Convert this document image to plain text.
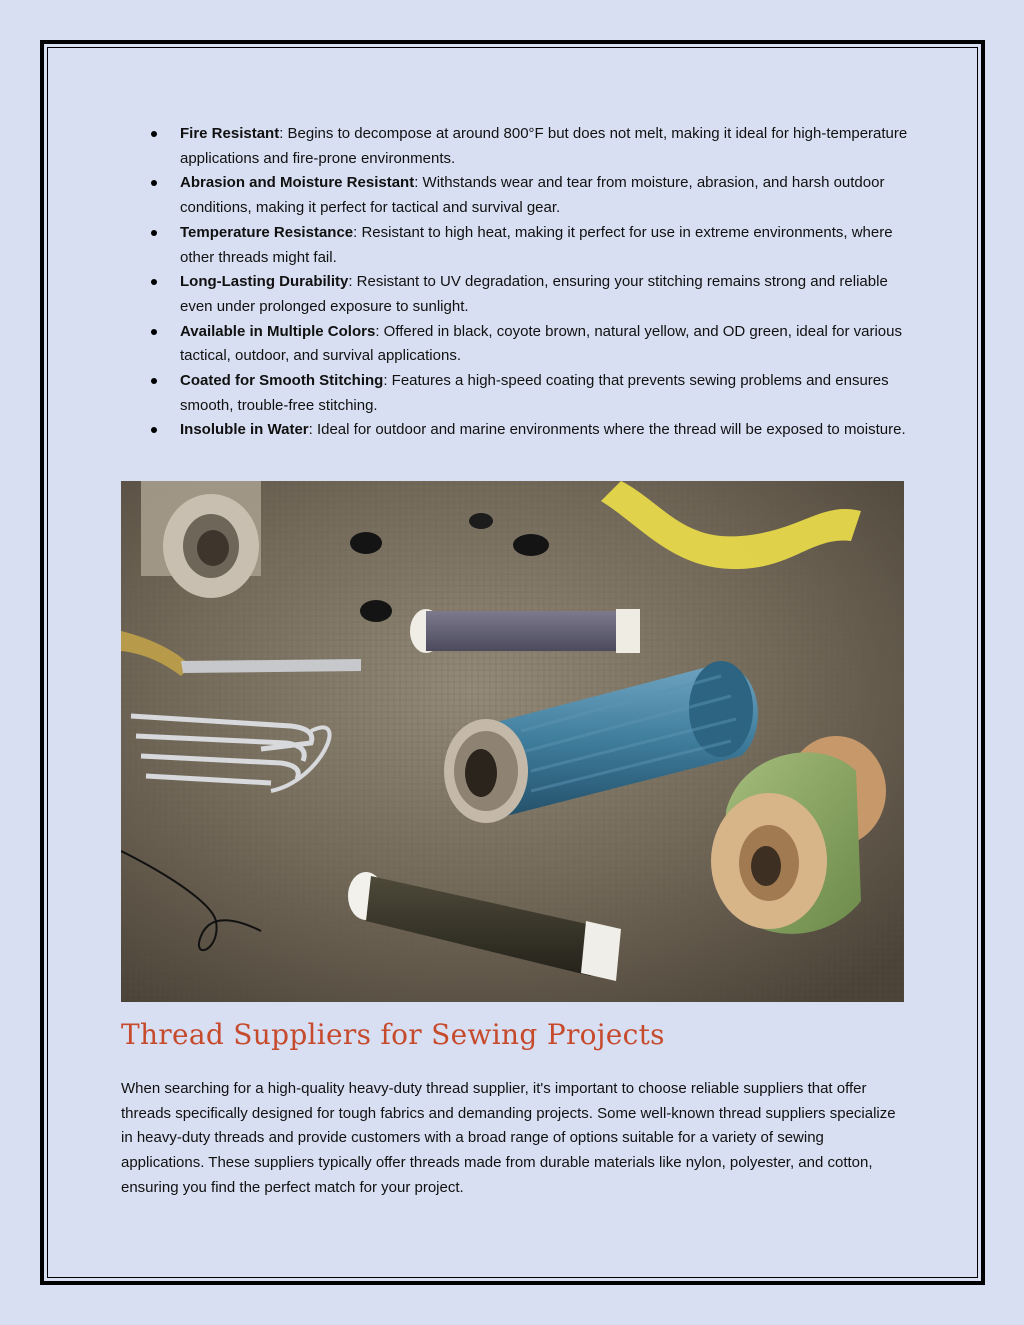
Fire Resistant: Begins to decompose at around 800°F but does not melt, making it ideal for high-temperature applications and fire-prone environments.
Abrasion and Moisture Resistant: Withstands wear and tear from moisture, abrasion, and harsh outdoor conditions, making it perfect for tactical and survival gear.
Temperature Resistance: Resistant to high heat, making it perfect for use in extreme environments, where other threads might fail.
Long-Lasting Durability: Resistant to UV degradation, ensuring your stitching remains strong and reliable even under prolonged exposure to sunlight.
Available in Multiple Colors: Offered in black, coyote brown, natural yellow, and OD green, ideal for various tactical, outdoor, and survival applications.
Coated for Smooth Stitching: Features a high-speed coating that prevents sewing problems and ensures smooth, trouble-free stitching.
Insoluble in Water: Ideal for outdoor and marine environments where the thread will be exposed to moisture.
Thread Suppliers for Sewing Projects

When searching for a high-quality heavy-duty thread supplier, it's important to choose reliable suppliers that offer threads specifically designed for tough fabrics and demanding projects. Some well-known thread suppliers specialize in heavy-duty threads and provide customers with a broad range of options suitable for a variety of sewing applications. These suppliers typically offer threads made from durable materials like nylon, polyester, and cotton, ensuring you find the perfect match for your project.
